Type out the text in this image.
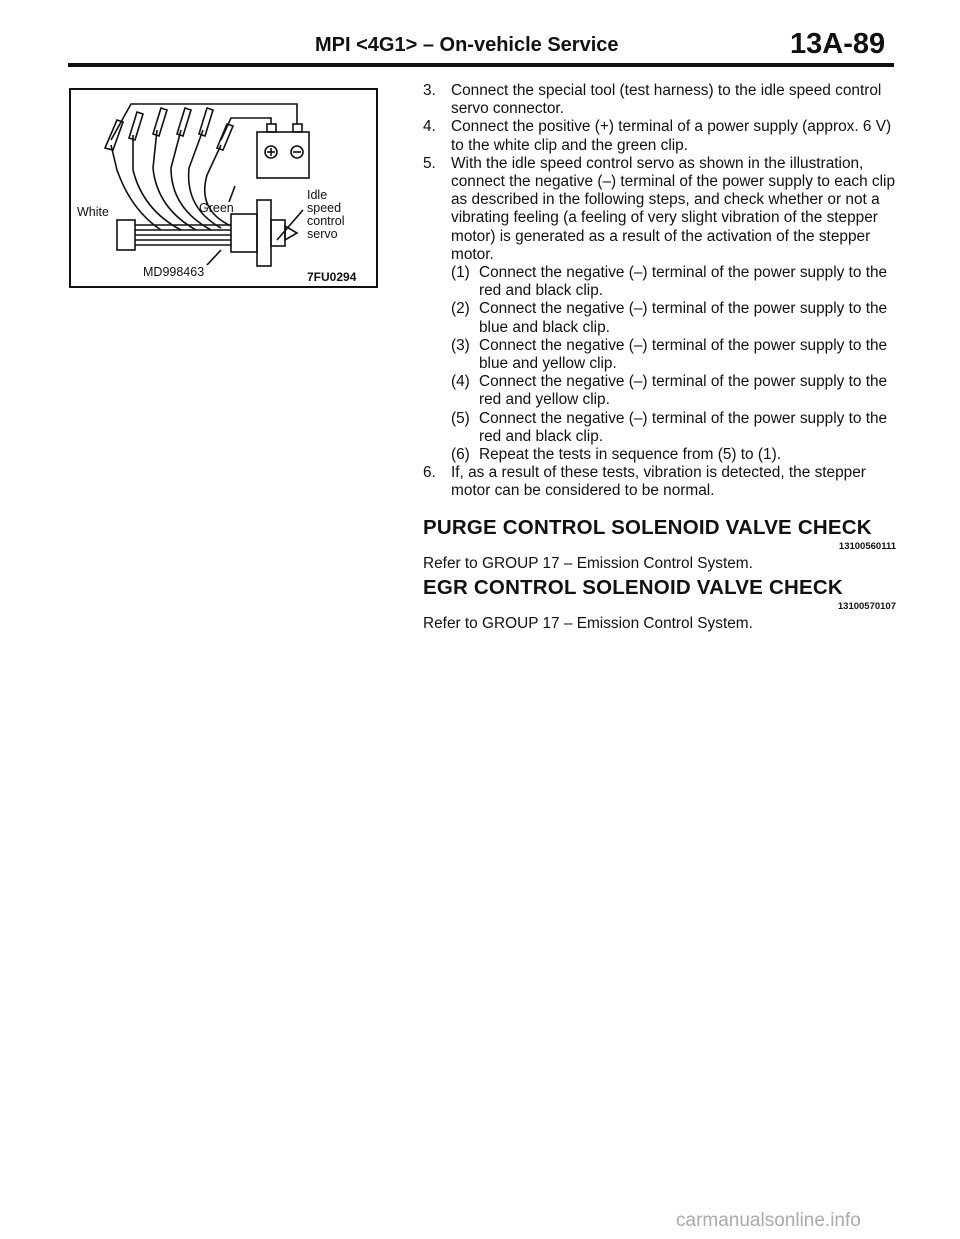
MPI <4G1> – On-vehicle Service	13A-89
White	Green
Idle
speed
control
servo
MD998463	7FU0294
3. Connect the special tool (test harness) to the idle speed control servo connector.
4. Connect the positive (+) terminal of a power supply (approx. 6 V) to the white clip and the green clip.
5. With the idle speed control servo as shown in the illustration, connect the negative (–) terminal of the power supply to each clip as described in the following steps, and check whether or not a vibrating feeling (a feeling of very slight vibration of the stepper motor) is generated as a result of the activation of the stepper motor.
(1) Connect the negative (–) terminal of the power supply to the red and black clip.
(2) Connect the negative (–) terminal of the power supply to the blue and black clip.
(3) Connect the negative (–) terminal of the power supply to the blue and yellow clip.
(4) Connect the negative (–) terminal of the power supply to the red and yellow clip.
(5) Connect the negative (–) terminal of the power supply to the red and black clip.
(6) Repeat the tests in sequence from (5) to (1).
6. If, as a result of these tests, vibration is detected, the stepper motor can be considered to be normal.
PURGE CONTROL SOLENOID VALVE CHECK
13100560111
Refer to GROUP 17 – Emission Control System.
EGR CONTROL SOLENOID VALVE CHECK
13100570107
Refer to GROUP 17 – Emission Control System.
carmanualsonline.info
